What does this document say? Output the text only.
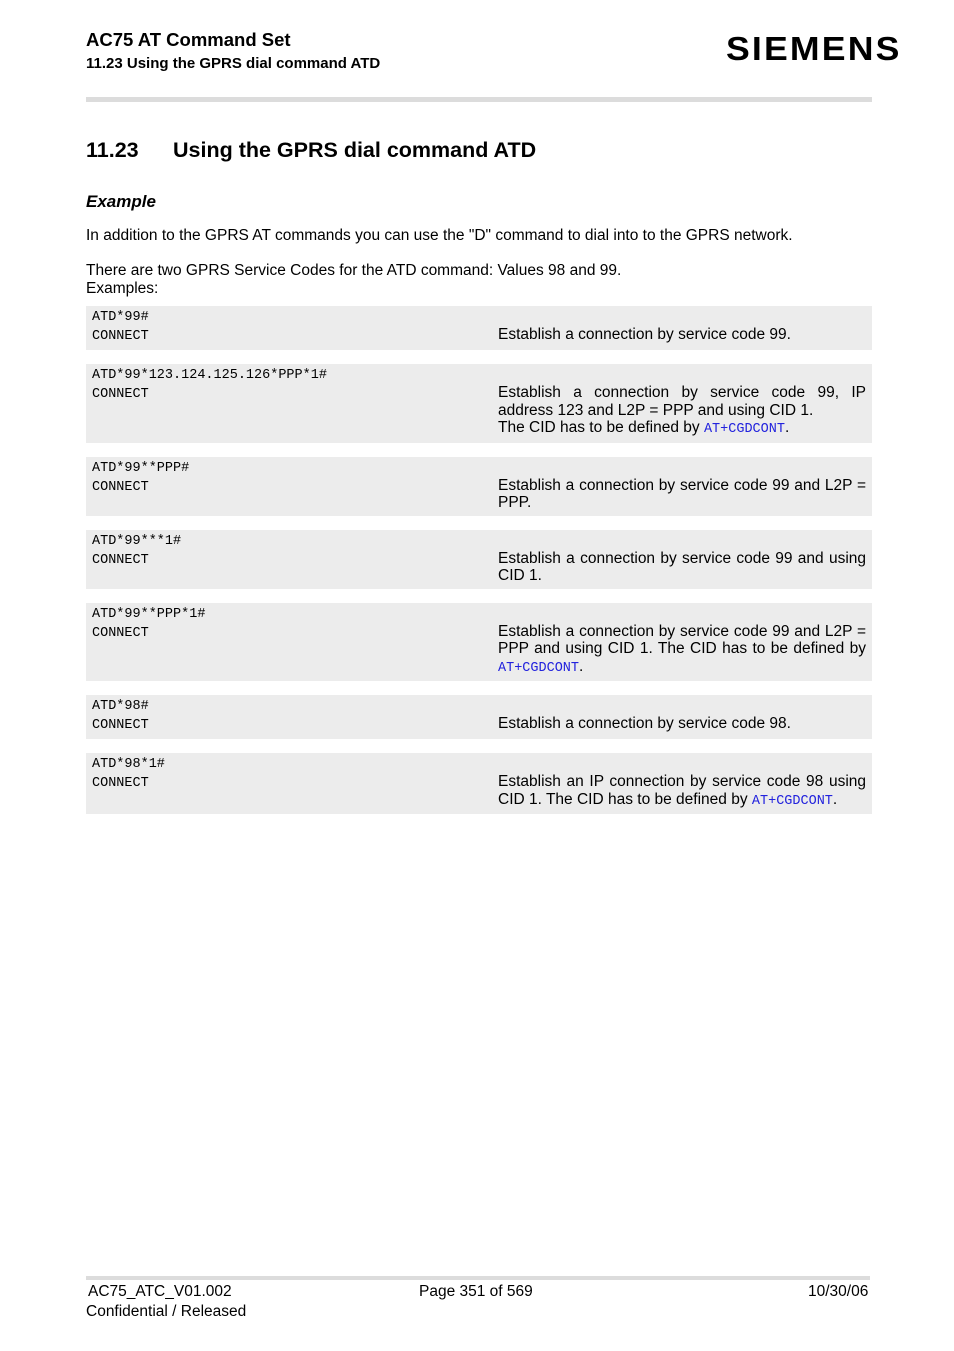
AC75 AT Command Set
11.23 Using the GPRS dial command ATD	SIEMENS
11.23 Using the GPRS dial command ATD
Example
In addition to the GPRS AT commands you can use the "D" command to dial into to the GPRS network.
There are two GPRS Service Codes for the ATD command: Values 98 and 99.
Examples:
ATD*99#
CONNECT	Establish a connection by service code 99.
ATD*99*123.124.125.126*PPP*1#
CONNECT	Establish a connection by service code 99, IP address 123 and L2P = PPP and using CID 1.
The CID has to be defined by AT+CGDCONT.
ATD*99**PPP#
CONNECT	Establish a connection by service code 99 and L2P = PPP.
ATD*99***1#
CONNECT	Establish a connection by service code 99 and using CID 1.
ATD*99**PPP*1#
CONNECT	Establish a connection by service code 99 and L2P = PPP and using CID 1. The CID has to be defined by AT+CGDCONT.
ATD*98#
CONNECT	Establish a connection by service code 98.
ATD*98*1#
CONNECT	Establish an IP connection by service code 98 using CID 1. The CID has to be defined by AT+CGDCONT.
AC75_ATC_V01.002
Confidential / Released
Page 351 of 569	10/30/06
